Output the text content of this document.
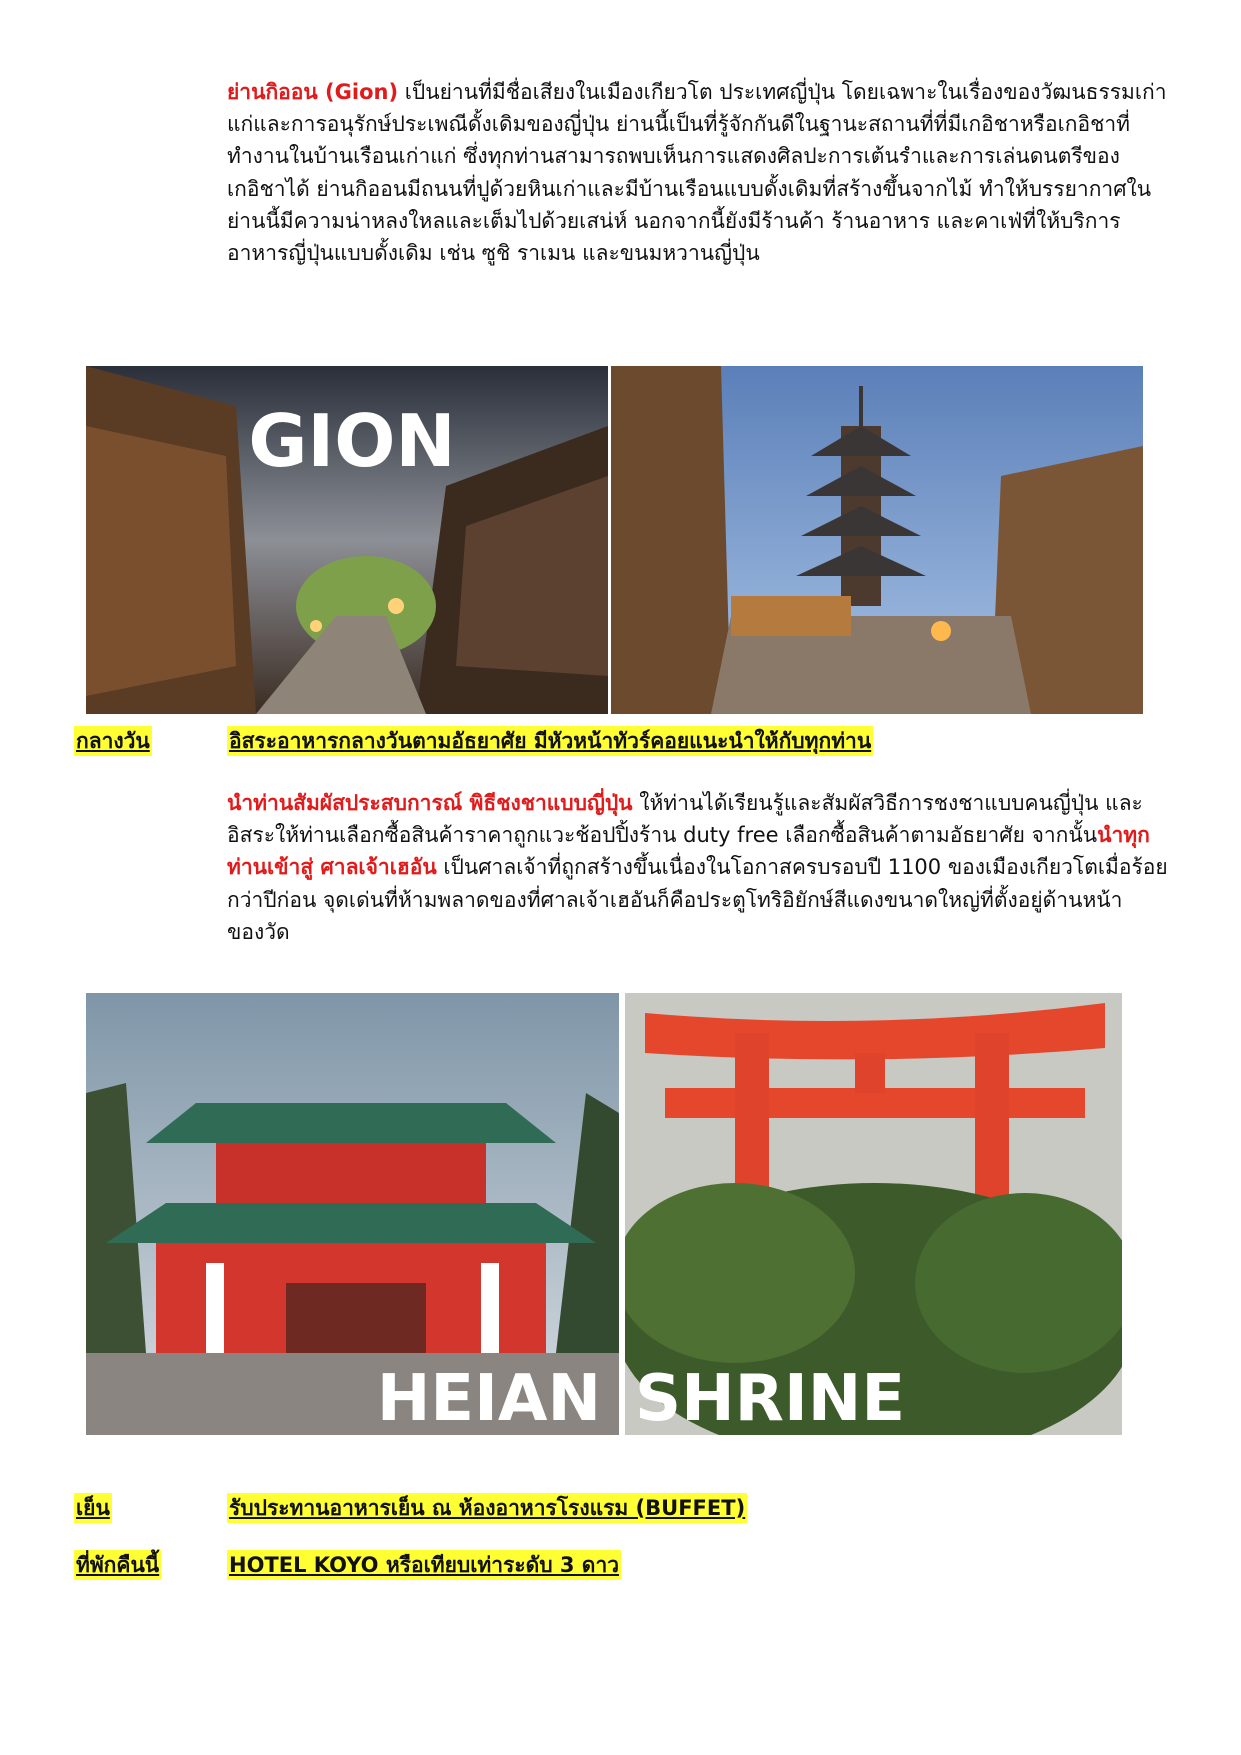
ย่านกิออน (Gion) เป็นย่านที่มีชื่อเสียงในเมืองเกียวโต ประเทศญี่ปุ่น โดยเฉพาะในเรื่องของวัฒนธรรมเก่าแก่และการอนุรักษ์ประเพณีดั้งเดิมของญี่ปุ่น ย่านนี้เป็นที่รู้จักกันดีในฐานะสถานที่ที่มีเกอิชาหรือเกอิชาที่ทำงานในบ้านเรือนเก่าแก่ ซึ่งทุกท่านสามารถพบเห็นการแสดงศิลปะการเต้นรำและการเล่นดนตรีของเกอิชาได้ ย่านกิออนมีถนนที่ปูด้วยหินเก่าและมีบ้านเรือนแบบดั้งเดิมที่สร้างขึ้นจากไม้ ทำให้บรรยากาศในย่านนี้มีความน่าหลงใหลและเต็มไปด้วยเสน่ห์ นอกจากนี้ยังมีร้านค้า ร้านอาหาร และคาเฟ่ที่ให้บริการอาหารญี่ปุ่นแบบดั้งเดิม เช่น ซูชิ ราเมน และขนมหวานญี่ปุ่น
GION
กลางวัน	อิสระอาหารกลางวันตามอัธยาศัย มีหัวหน้าทัวร์คอยแนะนำให้กับทุกท่าน
นำท่านสัมผัสประสบการณ์ พิธีชงชาแบบญี่ปุ่น ให้ท่านได้เรียนรู้และสัมผัสวิธีการชงชาแบบคนญี่ปุ่น และอิสระให้ท่านเลือกซื้อสินค้าราคาถูกแวะช้อปปิ้งร้าน duty free เลือกซื้อสินค้าตามอัธยาศัย จากนั้นนำทุกท่านเข้าสู่ ศาลเจ้าเฮอัน เป็นศาลเจ้าที่ถูกสร้างขึ้นเนื่องในโอกาสครบรอบปี 1100 ของเมืองเกียวโตเมื่อร้อยกว่าปีก่อน จุดเด่นที่ห้ามพลาดของที่ศาลเจ้าเฮอันก็คือประตูโทริอิยักษ์สีแดงขนาดใหญ่ที่ตั้งอยู่ด้านหน้าของวัด
HEIAN SHRINE
เย็น	รับประทานอาหารเย็น ณ ห้องอาหารโรงแรม (BUFFET)
ที่พักคืนนี้	HOTEL KOYO หรือเทียบเท่าระดับ 3 ดาว
